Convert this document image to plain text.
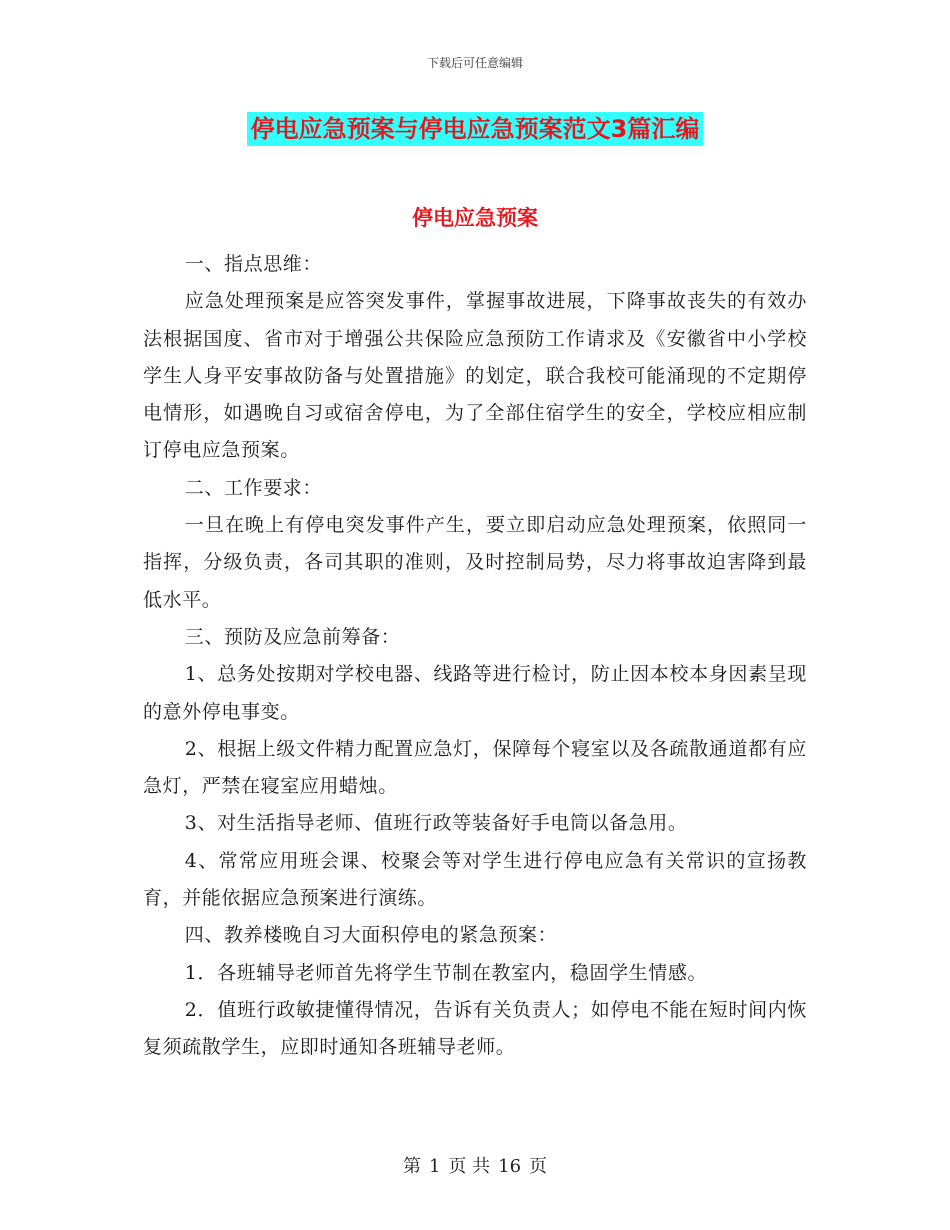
下载后可任意编辑
停电应急预案与停电应急预案范文3篇汇编
停电应急预案

一、指点思维：

应急处理预案是应答突发事件，掌握事故进展，下降事故丧失的有效办法根据国度、省市对于增强公共保险应急预防工作请求及《安徽省中小学校学生人身平安事故防备与处置措施》的划定，联合我校可能涌现的不定期停电情形，如遇晚自习或宿舍停电，为了全部住宿学生的安全，学校应相应制订停电应急预案。

二、工作要求：

一旦在晚上有停电突发事件产生，要立即启动应急处理预案，依照同一指挥，分级负责，各司其职的准则，及时控制局势，尽力将事故迫害降到最低水平。

三、预防及应急前筹备：

1、总务处按期对学校电器、线路等进行检讨，防止因本校本身因素呈现的意外停电事变。

2、根据上级文件精力配置应急灯，保障每个寝室以及各疏散通道都有应急灯，严禁在寝室应用蜡烛。

3、对生活指导老师、值班行政等装备好手电筒以备急用。

4、常常应用班会课、校聚会等对学生进行停电应急有关常识的宣扬教育，并能依据应急预案进行演练。

四、教养楼晚自习大面积停电的紧急预案：

1．各班辅导老师首先将学生节制在教室内，稳固学生情感。

2．值班行政敏捷懂得情况，告诉有关负责人；如停电不能在短时间内恢复须疏散学生，应即时通知各班辅导老师。

第 1 页 共 16 页
